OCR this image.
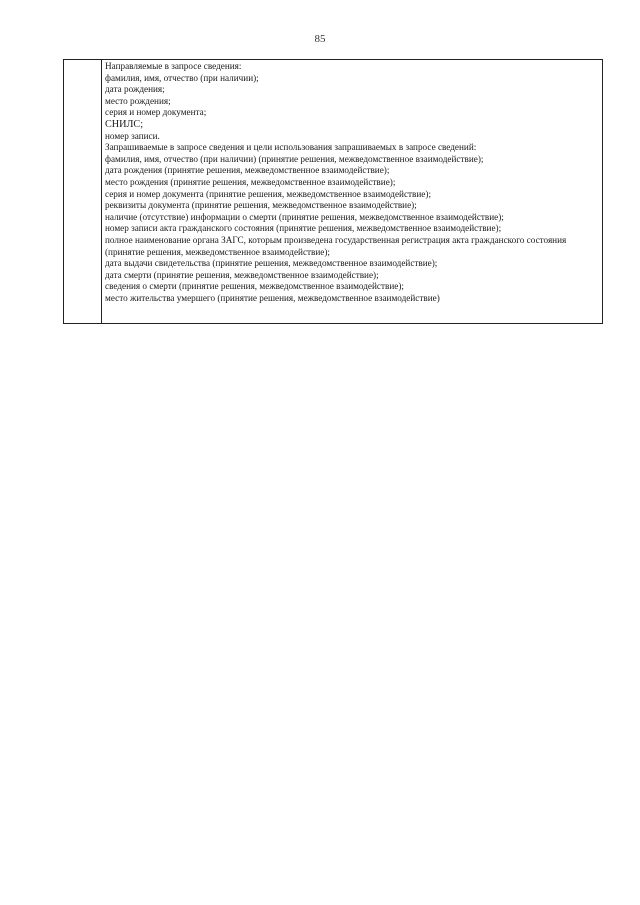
85
Направляемые в запросе сведения:
фамилия, имя, отчество (при наличии);
дата рождения;
место рождения;
серия и номер документа;
СНИЛС;
номер записи.
Запрашиваемые в запросе сведения и цели использования запрашиваемых в запросе сведений:
фамилия, имя, отчество (при наличии) (принятие решения, межведомственное взаимодействие);
дата рождения (принятие решения, межведомственное взаимодействие);
место рождения (принятие решения, межведомственное взаимодействие);
серия и номер документа (принятие решения, межведомственное взаимодействие);
реквизиты документа (принятие решения, межведомственное взаимодействие);
наличие (отсутствие) информации о смерти (принятие решения, межведомственное взаимодействие);
номер записи акта гражданского состояния (принятие решения, межведомственное взаимодействие);
полное наименование органа ЗАГС, которым произведена государственная регистрация акта гражданского состояния (принятие решения, межведомственное взаимодействие);
дата выдачи свидетельства (принятие решения, межведомственное взаимодействие);
дата смерти (принятие решения, межведомственное взаимодействие);
сведения о смерти (принятие решения, межведомственное взаимодействие);
место жительства умершего (принятие решения, межведомственное взаимодействие)
